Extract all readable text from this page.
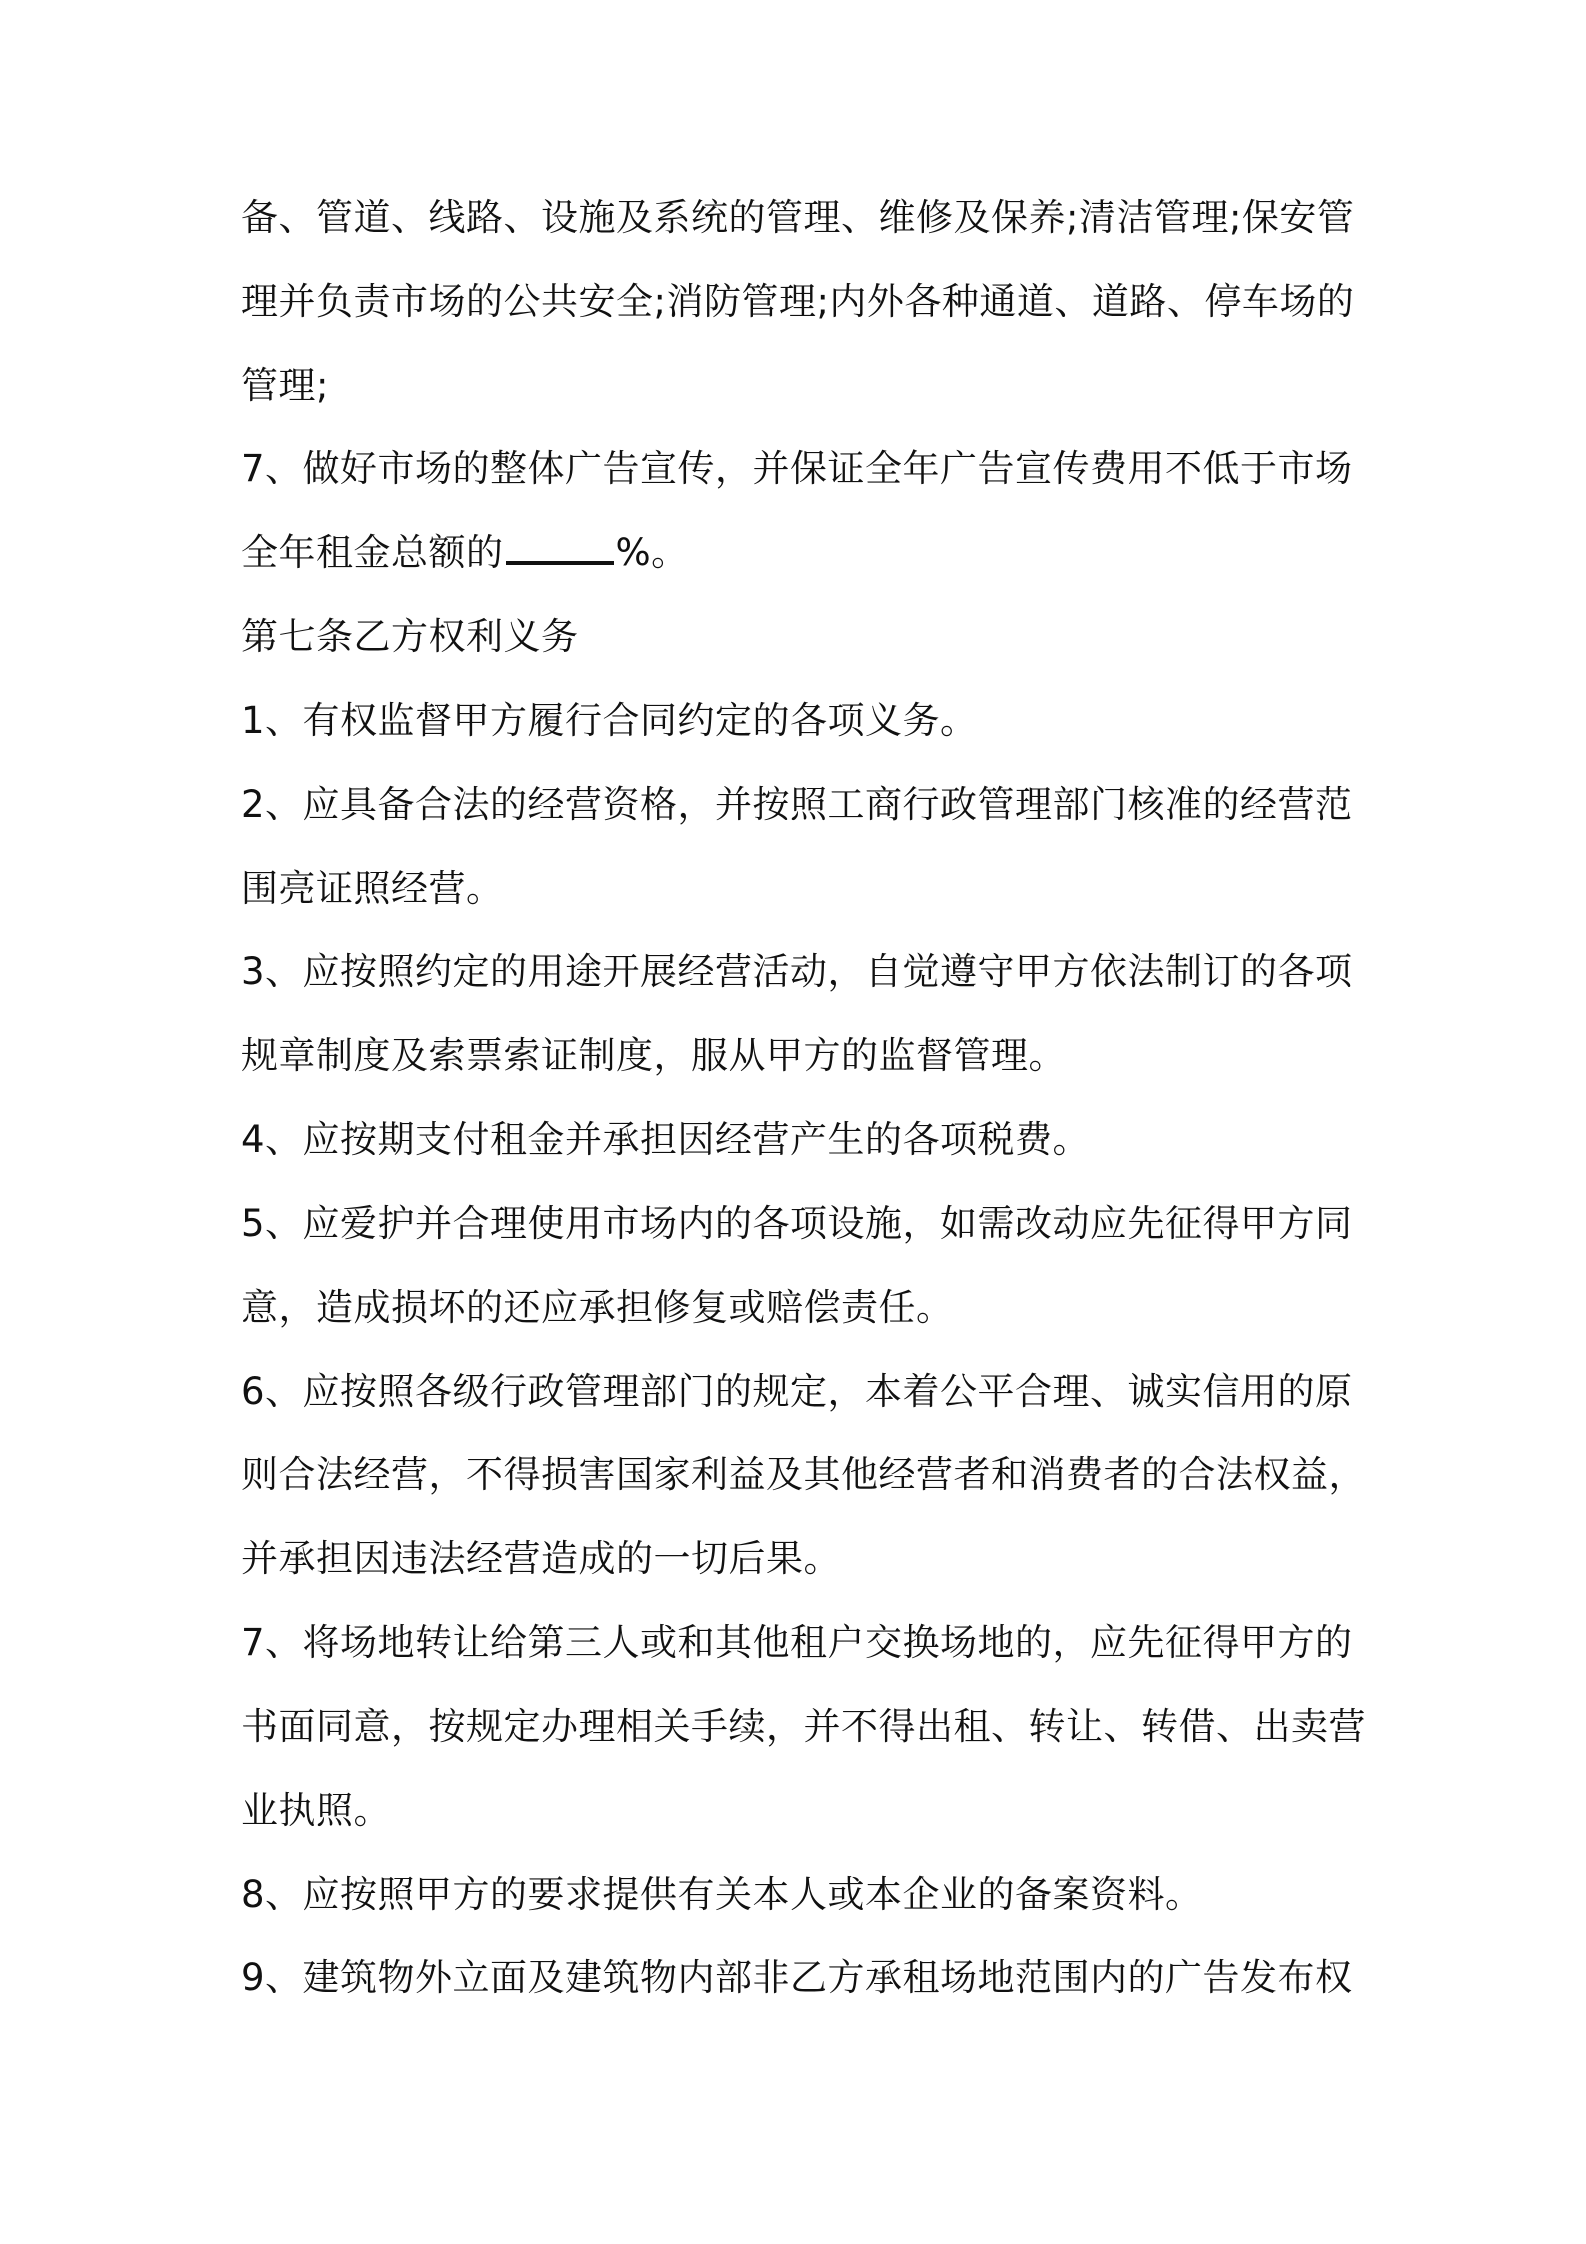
备、管道、线路、设施及系统的管理、维修及保养;清洁管理;保安管
理并负责市场的公共安全;消防管理;内外各种通道、道路、停车场的
管理;
7、做好市场的整体广告宣传，并保证全年广告宣传费用不低于市场
全年租金总额的	%。
第七条乙方权利义务
1、有权监督甲方履行合同约定的各项义务。
2、应具备合法的经营资格，并按照工商行政管理部门核准的经营范
围亮证照经营。
3、应按照约定的用途开展经营活动，自觉遵守甲方依法制订的各项
规章制度及索票索证制度，服从甲方的监督管理。
4、应按期支付租金并承担因经营产生的各项税费。
5、应爱护并合理使用市场内的各项设施，如需改动应先征得甲方同
意，造成损坏的还应承担修复或赔偿责任。
6、应按照各级行政管理部门的规定，本着公平合理、诚实信用的原
则合法经营，不得损害国家利益及其他经营者和消费者的合法权益，
并承担因违法经营造成的一切后果。
7、将场地转让给第三人或和其他租户交换场地的，应先征得甲方的
书面同意，按规定办理相关手续，并不得出租、转让、转借、出卖营
业执照。
8、应按照甲方的要求提供有关本人或本企业的备案资料。
9、建筑物外立面及建筑物内部非乙方承租场地范围内的广告发布权
